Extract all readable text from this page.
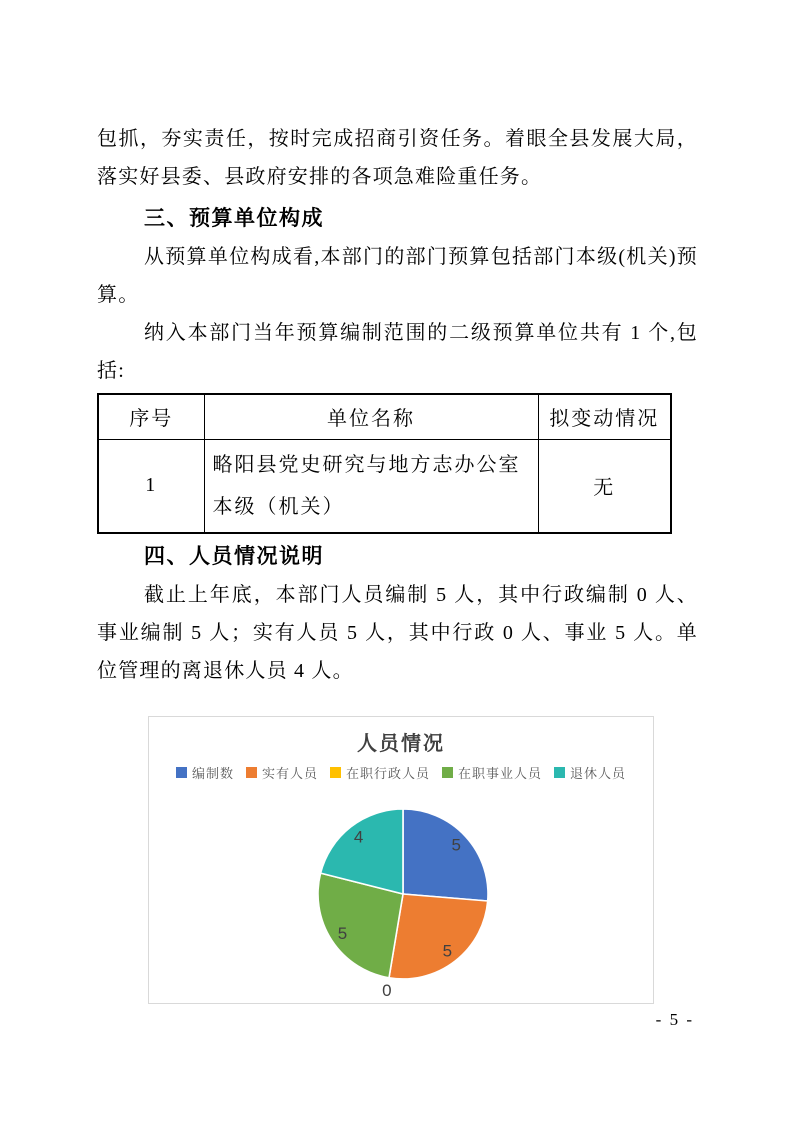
包抓，夯实责任，按时完成招商引资任务。着眼全县发展大局，落实好县委、县政府安排的各项急难险重任务。

三、预算单位构成

从预算单位构成看,本部门的部门预算包括部门本级(机关)预算。

纳入本部门当年预算编制范围的二级预算单位共有 1 个,包括:

序号	单位名称	拟变动情况
1	略阳县党史研究与地方志办公室本级（机关）	无
四、人员情况说明

截止上年底，本部门人员编制 5 人，其中行政编制 0 人、事业编制 5 人；实有人员 5 人，其中行政 0 人、事业 5 人。单位管理的离退休人员 4 人。

人员情况
编制数 实有人员 在职行政人员 在职事业人员 退休人员
5
5
0
5
4
- 5 -
